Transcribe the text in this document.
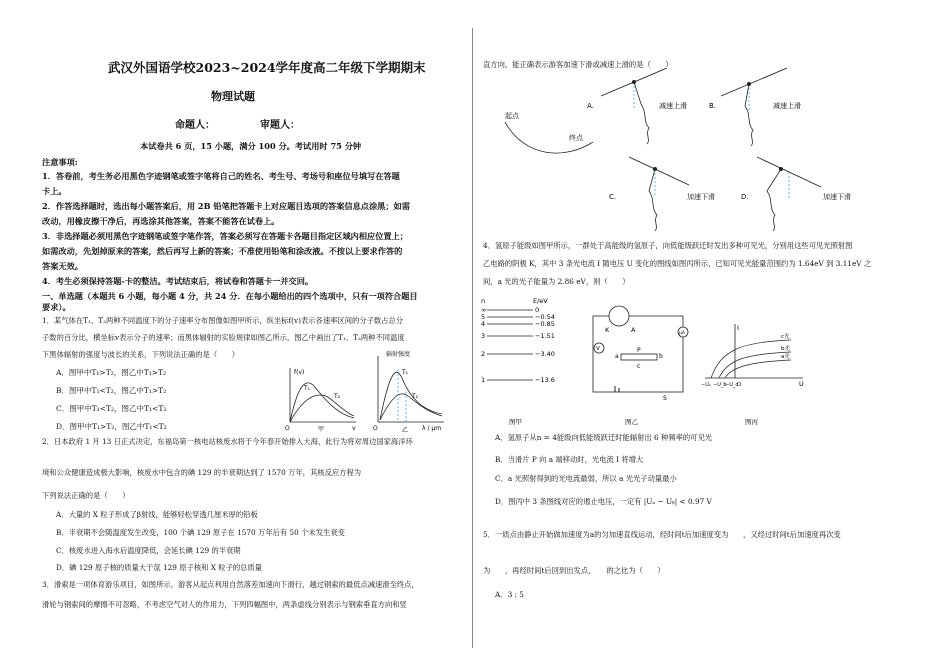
武汉外国语学校2023~2024学年度高二年级下学期期末
物理试题
命题人：	审题人：
本试卷共 6 页，15 小题，满分 100 分。考试用时 75 分钟
注意事项:
1．答卷前，考生务必用黑色字迹钢笔或签字笔将自己的姓名、考生号、考场号和座位号填写在答题
卡上。
2．作答选择题时，选出每小题答案后，用 2B 铅笔把答题卡上对应题目选项的答案信息点涂黑；如需
改动，用橡皮擦干净后，再选涂其他答案，答案不能答在试卷上。
3．非选择题必须用黑色字迹钢笔或签字笔作答，答案必须写在答题卡各题目指定区域内相应位置上；
如需改动，先划掉原来的答案，然后再写上新的答案；不准使用铅笔和涂改液。不按以上要求作答的
答案无效。
4．考生必须保持答题-卡的整洁。考试结束后，将试卷和答题卡一并交回。
一、单选题（本题共 6 小题，每小题 4 分，共 24 分．在每小题给出的四个选项中，只有一项符合题目
要求）。
1．某气体在T₁、T₂两种不同温度下的分子速率分布图像如图甲所示，纵坐标f(v)表示各速率区间的分子数占总分
子数的百分比，横坐标v表示分子的速率；而黑体辐射的实验规律如图乙所示，图乙中画出了T₁、T₂两种不同温度
下黑体辐射的强度与波长的关系，下列说法正确的是（　　）
A．图甲中T₁>T₂，图乙中T₁>T₂
B．图甲中T₁<T₂，图乙中T₁>T₂
C．图甲中T₁<T₂，图乙中T₁<T₂
D．图甲中T₁>T₂，图乙中T₁<T₂
f(v)
T₁
T₂
O	v
甲
辐射强度
T₁
T₂
O	λ / μm
乙
2．日本政府 1 月 13 日正式决定，东福岛第一核电站核废水将于今年春开始排入大海，此行为将对周边国家海洋环
境和公众健康造成极大影响，核废水中包含的碘 129 的半衰期达到了 1570 万年，其核反应方程为
下列说法正确的是（　　）
A．大量的 X 粒子形成了β射线，能够轻松穿透几厘米厚的铅板
B．半衰期不会随温度发生改变，100 个碘 129 原子在 1570 万年后有 50 个未发生衰变
C．核废水进入海水后温度降低，会延长碘 129 的半衰期
D．碘 129 原子核的质量大于氙 129 原子核和 X 粒子的总质量
3．滑索是一项体育游乐项目，如图所示，游客从起点利用自然落差加速向下滑行，越过钢索的最低点减速滑至终点，
滑轮与钢索间的摩擦不可忽略，不考虑空气对人的作用力，下列四幅图中，两条虚线分别表示与钢索垂直方向和竖
直方向，能正确表示游客加速下滑或减速上滑的是（　　）
起点
终点
A.	减速上滑	B.	减速上滑
C.	加速下滑	D.	加速下滑
4．氢原子能级如图甲所示，一群处于高能级的氢原子，向低能级跃迁时发出多种可见光，分别用这些可见光照射图
乙电路的阴极 K，其中 3 条光电流 I 随电压 U 变化的图线如图丙所示，已知可见光能量范围约为 1.64eV 到 3.11eV 之
间，a 光的光子能量为 2.86 eV，则（　　）
n	E/eV
∞	0
5	−0.54
4	−0.85
3	−1.51
2	−3.40
1	−13.6
图甲
K	A	μA
V	P
a	b
c
S
图乙
I
U
O
−Uₐ −U_b
−U_c
c光
b光
a光
图丙
A．氢原子从n = 4能级向低能级跃迁时能辐射出 6 种频率的可见光
B．当滑片 P 向 a 端移动时，光电流 I 将增大
C．a 光照射得到的光电流最弱，所以 a 光光子动量最小
D．图丙中 3 条图线对应的遏止电压，一定有 |Uₐ − Uᵦ| < 0.97 V
5．一质点由静止开始做加速度为a的匀加速直线运动，经时间t后加速度变为　　，又经过时间t后加速度再次变
为　　，再经时间t后回到出发点，　　的之比为（　　）
A．3 : 5
